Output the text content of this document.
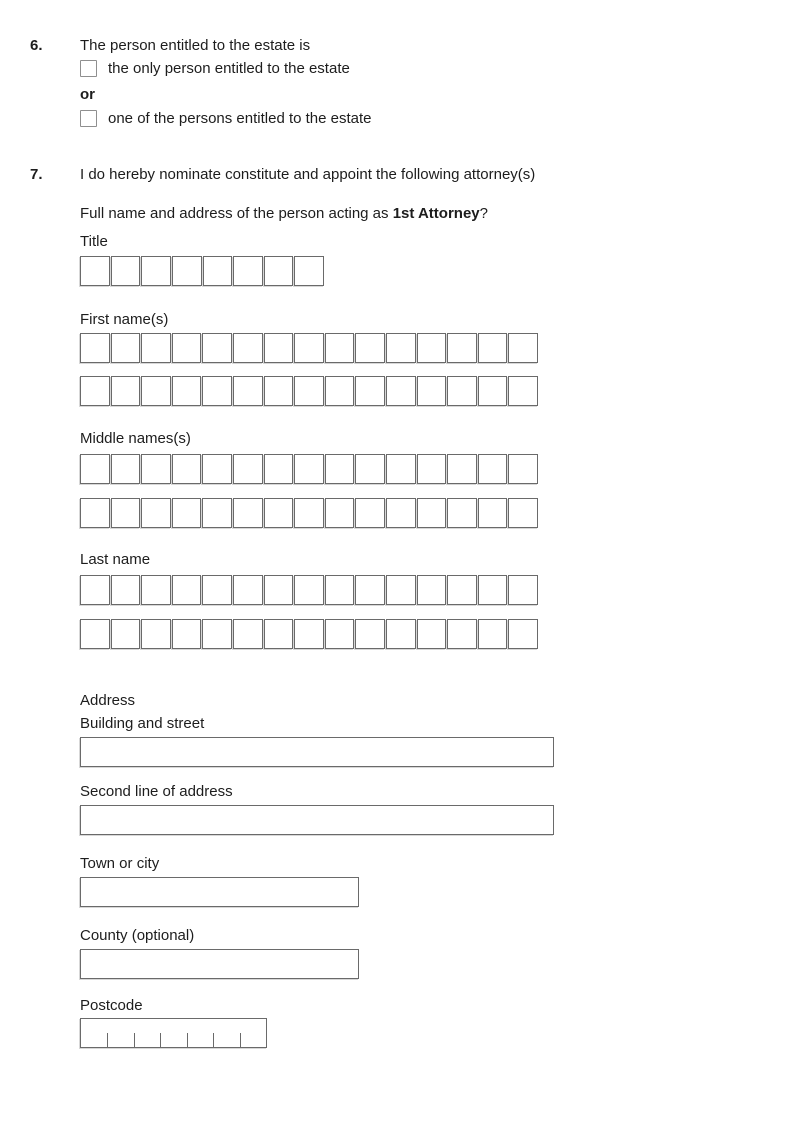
6.	The person entitled to the estate is
the only person entitled to the estate
or
one of the persons entitled to the estate
7.	I do hereby nominate constitute and appoint the following attorney(s)
Full name and address of the person acting as 1st Attorney?
Title
First name(s)
Middle names(s)
Last name
Address
Building and street
Second line of address
Town or city
County (optional)
Postcode
